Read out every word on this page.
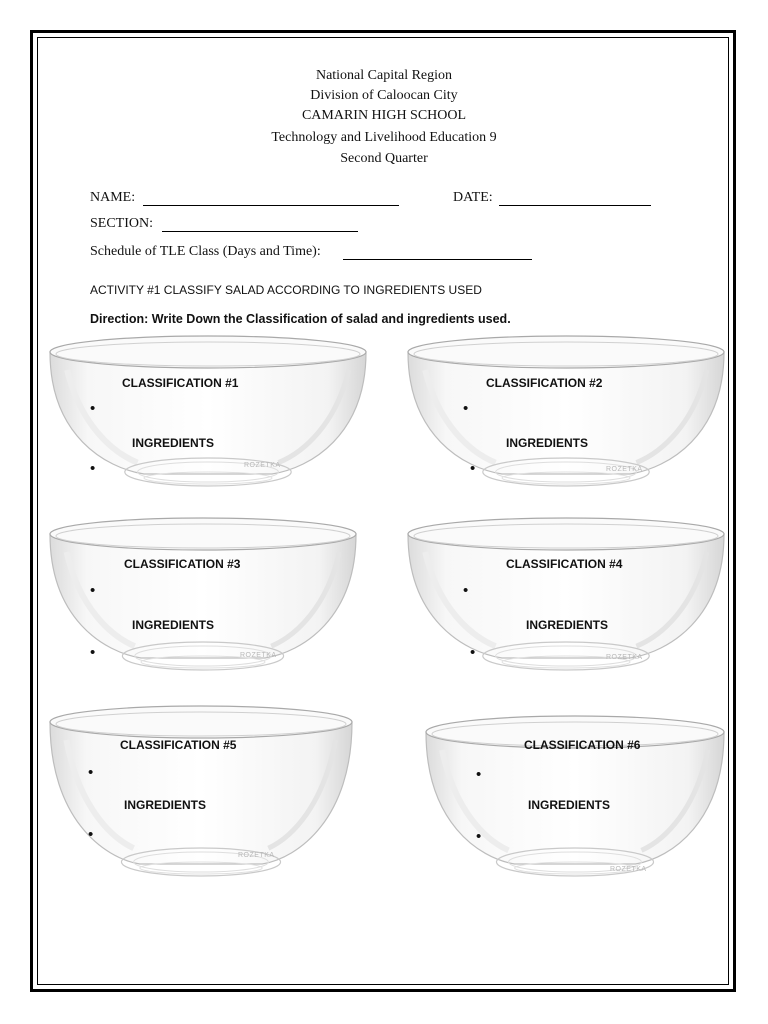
National Capital Region
Division of Caloocan City
CAMARIN HIGH SCHOOL
Technology and Livelihood Education 9
Second Quarter
NAME:	DATE:
SECTION:
Schedule of TLE Class (Days and Time):
ACTIVITY #1 CLASSIFY SALAD ACCORDING TO INGREDIENTS USED
Direction: Write Down the Classification of salad and ingredients used.
CLASSIFICATION #1
•
INGREDIENTS
•	ROZETKA
CLASSIFICATION #2
•
INGREDIENTS
•	ROZETKA
CLASSIFICATION #3
•
INGREDIENTS
•	ROZETKA
CLASSIFICATION #4
•
INGREDIENTS
•	ROZETKA
CLASSIFICATION #5
•
INGREDIENTS
•
ROZETKA
CLASSIFICATION #6
•
INGREDIENTS
•
ROZETKA
